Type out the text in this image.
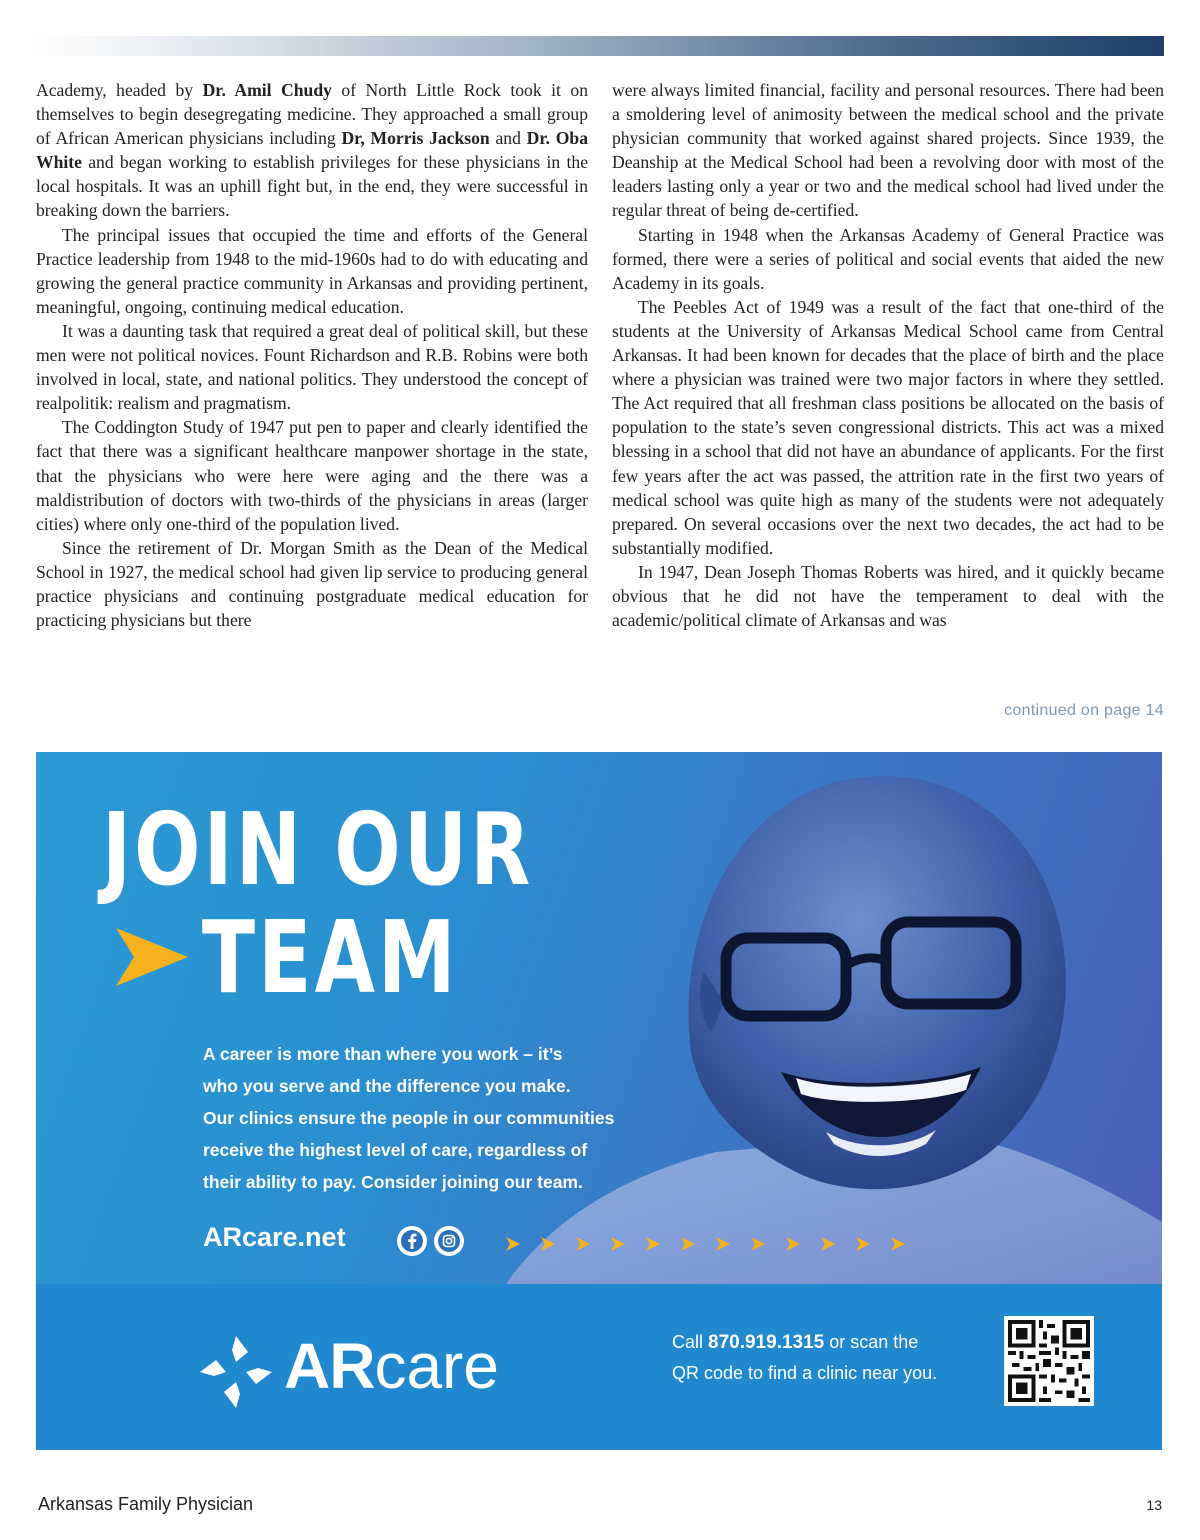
Academy, headed by Dr. Amil Chudy of North Little Rock took it on themselves to begin desegregating medicine. They approached a small group of African American physicians including Dr, Morris Jackson and Dr. Oba White and began working to establish privileges for these physicians in the local hospitals. It was an uphill fight but, in the end, they were successful in breaking down the barriers.

The principal issues that occupied the time and efforts of the General Practice leadership from 1948 to the mid-1960s had to do with educating and growing the general practice community in Arkansas and providing pertinent, meaningful, ongoing, continuing medical education.

It was a daunting task that required a great deal of political skill, but these men were not political novices. Fount Richardson and R.B. Robins were both involved in local, state, and national politics. They understood the concept of realpolitik: realism and pragmatism.

The Coddington Study of 1947 put pen to paper and clearly identified the fact that there was a significant healthcare manpower shortage in the state, that the physicians who were here were aging and the there was a maldistribution of doctors with two-thirds of the physicians in areas (larger cities) where only one-third of the population lived.

Since the retirement of Dr. Morgan Smith as the Dean of the Medical School in 1927, the medical school had given lip service to producing general practice physicians and continuing postgraduate medical education for practicing physicians but there

were always limited financial, facility and personal resources. There had been a smoldering level of animosity between the medical school and the private physician community that worked against shared projects. Since 1939, the Deanship at the Medical School had been a revolving door with most of the leaders lasting only a year or two and the medical school had lived under the regular threat of being de-certified.

Starting in 1948 when the Arkansas Academy of General Practice was formed, there were a series of political and social events that aided the new Academy in its goals.

The Peebles Act of 1949 was a result of the fact that one-third of the students at the University of Arkansas Medical School came from Central Arkansas. It had been known for decades that the place of birth and the place where a physician was trained were two major factors in where they settled. The Act required that all freshman class positions be allocated on the basis of population to the state’s seven congressional districts. This act was a mixed blessing in a school that did not have an abundance of applicants. For the first few years after the act was passed, the attrition rate in the first two years of medical school was quite high as many of the students were not adequately prepared. On several occasions over the next two decades, the act had to be substantially modified.

In 1947, Dean Joseph Thomas Roberts was hired, and it quickly became obvious that he did not have the temperament to deal with the academic/political climate of Arkansas and was

continued on page 14
JOIN OUR
TEAM
A career is more than where you work – it’s
who you serve and the difference you make.
Our clinics ensure the people in our communities
receive the highest level of care, regardless of
their ability to pay. Consider joining our team.
ARcare.net
ARcare	Call 870.919.1315 or scan the
QR code to find a clinic near you.
Arkansas Family Physician	13
